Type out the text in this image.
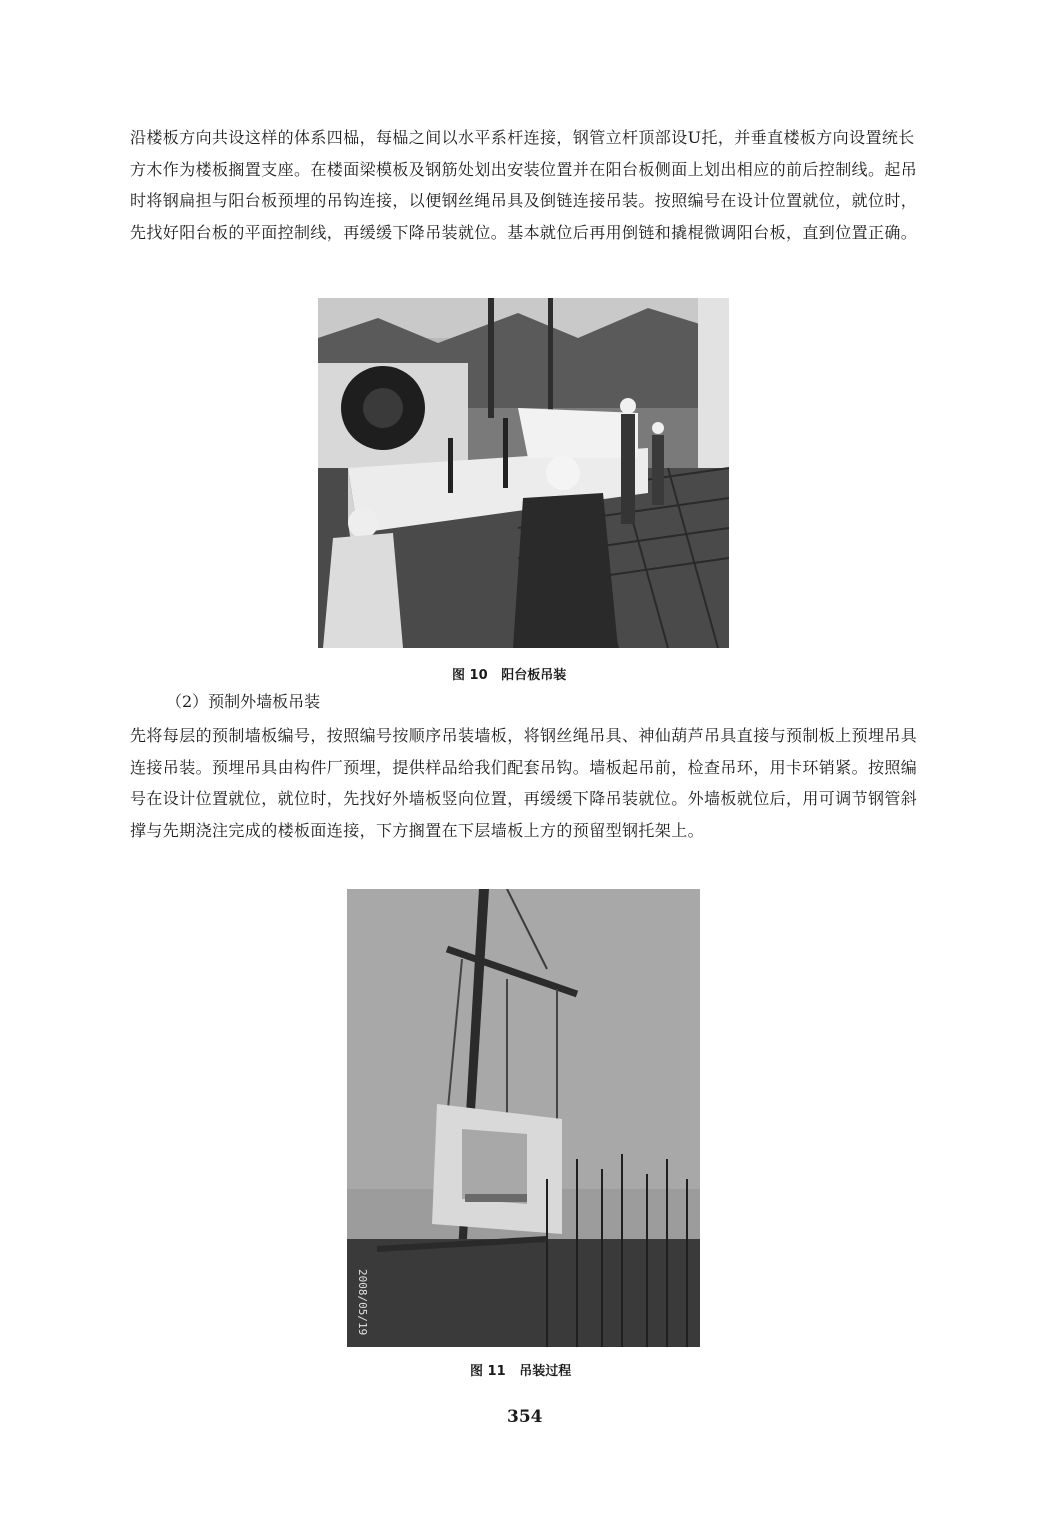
沿楼板方向共设这样的体系四榀，每榀之间以水平系杆连接，钢管立杆顶部设U托，并垂直楼板方向设置统长方木作为楼板搁置支座。在楼面梁模板及钢筋处划出安装位置并在阳台板侧面上划出相应的前后控制线。起吊时将钢扁担与阳台板预埋的吊钩连接，以便钢丝绳吊具及倒链连接吊装。按照编号在设计位置就位，就位时，先找好阳台板的平面控制线，再缓缓下降吊装就位。基本就位后再用倒链和撬棍微调阳台板，直到位置正确。

图 10   阳台板吊装
（2）预制外墙板吊装

先将每层的预制墙板编号，按照编号按顺序吊装墙板，将钢丝绳吊具、神仙葫芦吊具直接与预制板上预埋吊具连接吊装。预埋吊具由构件厂预埋，提供样品给我们配套吊钩。墙板起吊前，检查吊环，用卡环销紧。按照编号在设计位置就位，就位时，先找好外墙板竖向位置，再缓缓下降吊装就位。外墙板就位后，用可调节钢管斜撑与先期浇注完成的楼板面连接，下方搁置在下层墙板上方的预留型钢托架上。

2008/05/19
图 11   吊装过程
354
